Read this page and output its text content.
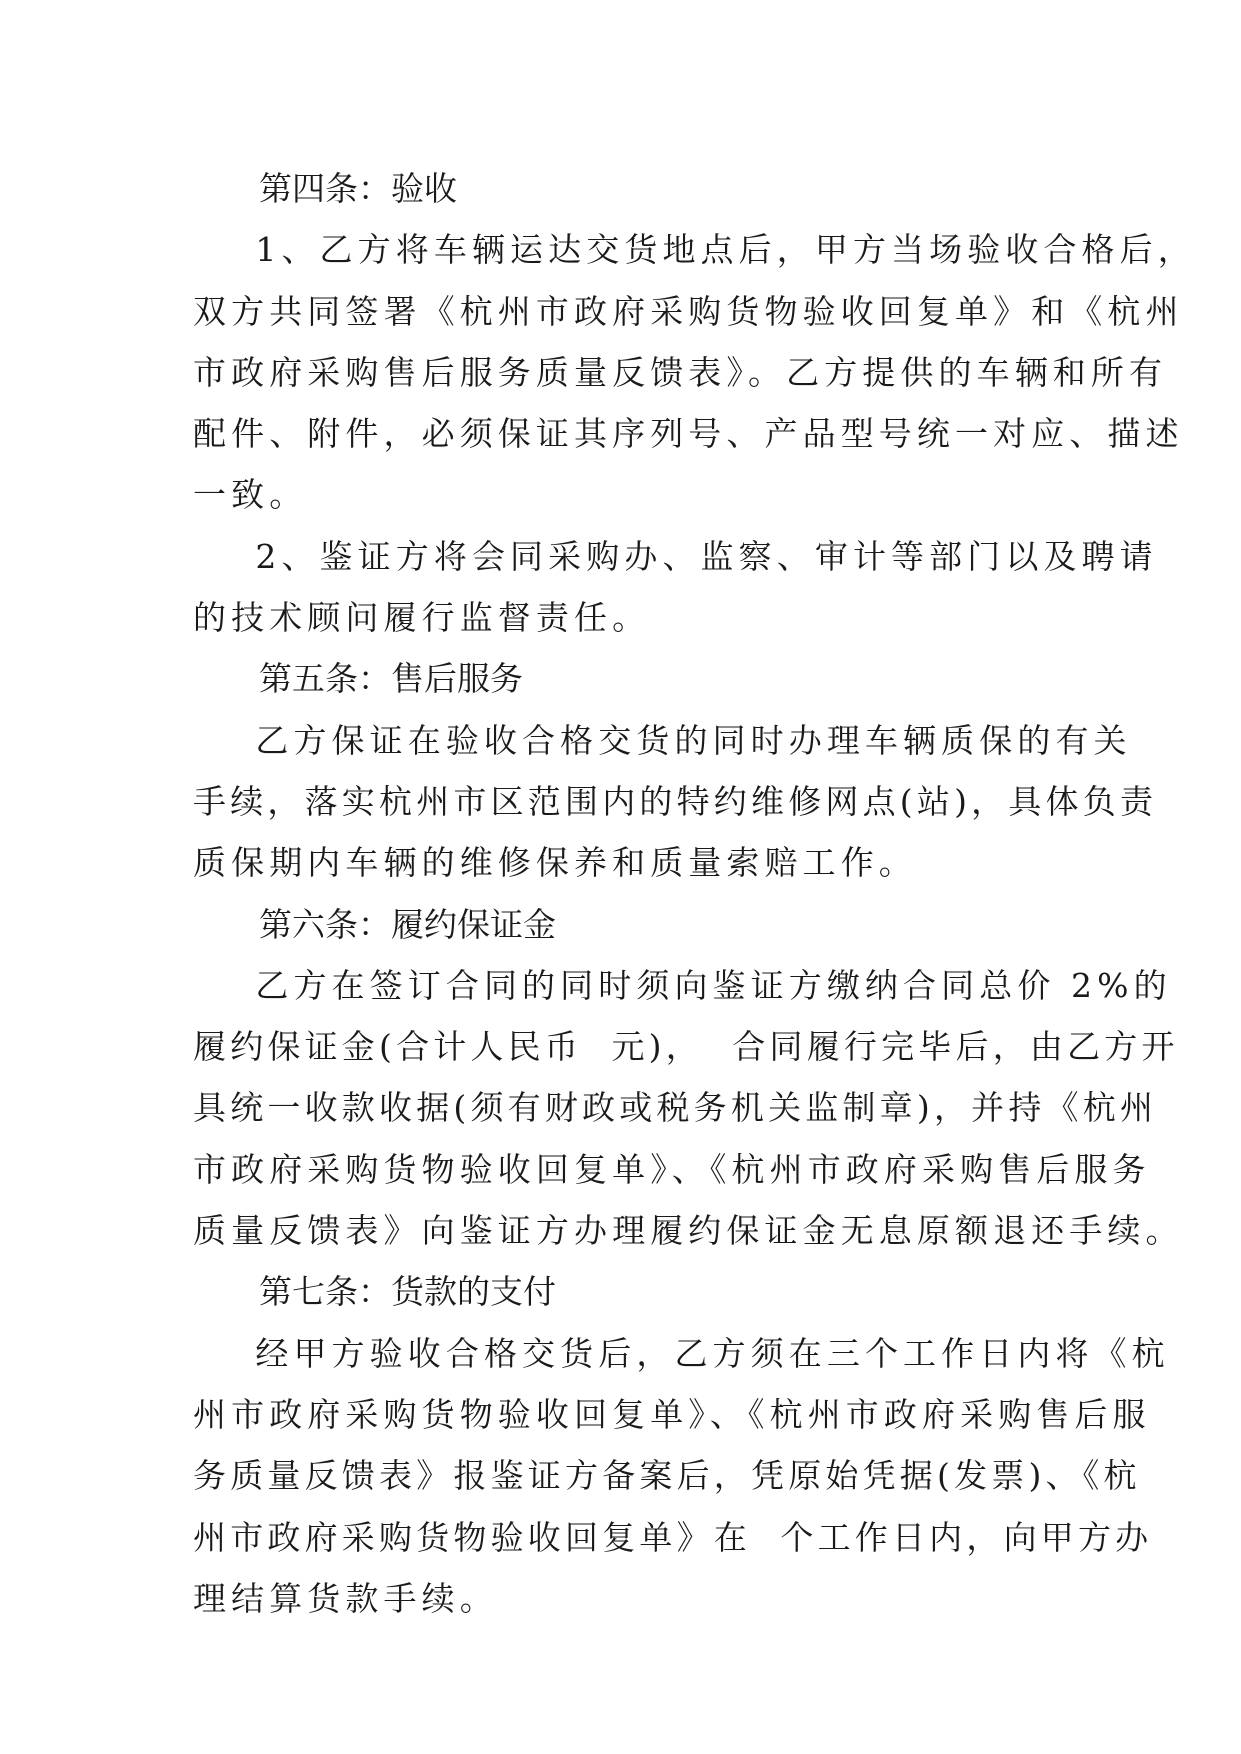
第四条：验收
1、乙方将车辆运达交货地点后，甲方当场验收合格后，
双方共同签署《杭州市政府采购货物验收回复单》和《杭州
市政府采购售后服务质量反馈表》。乙方提供的车辆和所有
配件、附件，必须保证其序列号、产品型号统一对应、描述
一致。
2、鉴证方将会同采购办、监察、审计等部门以及聘请
的技术顾问履行监督责任。
第五条：售后服务
乙方保证在验收合格交货的同时办理车辆质保的有关
手续，落实杭州市区范围内的特约维修网点(站)，具体负责
质保期内车辆的维修保养和质量索赔工作。
第六条：履约保证金
乙方在签订合同的同时须向鉴证方缴纳合同总价 2%的
履约保证金(合计人民币  元)，  合同履行完毕后，由乙方开
具统一收款收据(须有财政或税务机关监制章)，并持《杭州
市政府采购货物验收回复单》、《杭州市政府采购售后服务
质量反馈表》向鉴证方办理履约保证金无息原额退还手续。
第七条：货款的支付
经甲方验收合格交货后，乙方须在三个工作日内将《杭
州市政府采购货物验收回复单》、《杭州市政府采购售后服
务质量反馈表》报鉴证方备案后，凭原始凭据(发票)、《杭
州市政府采购货物验收回复单》在  个工作日内，向甲方办
理结算货款手续。
